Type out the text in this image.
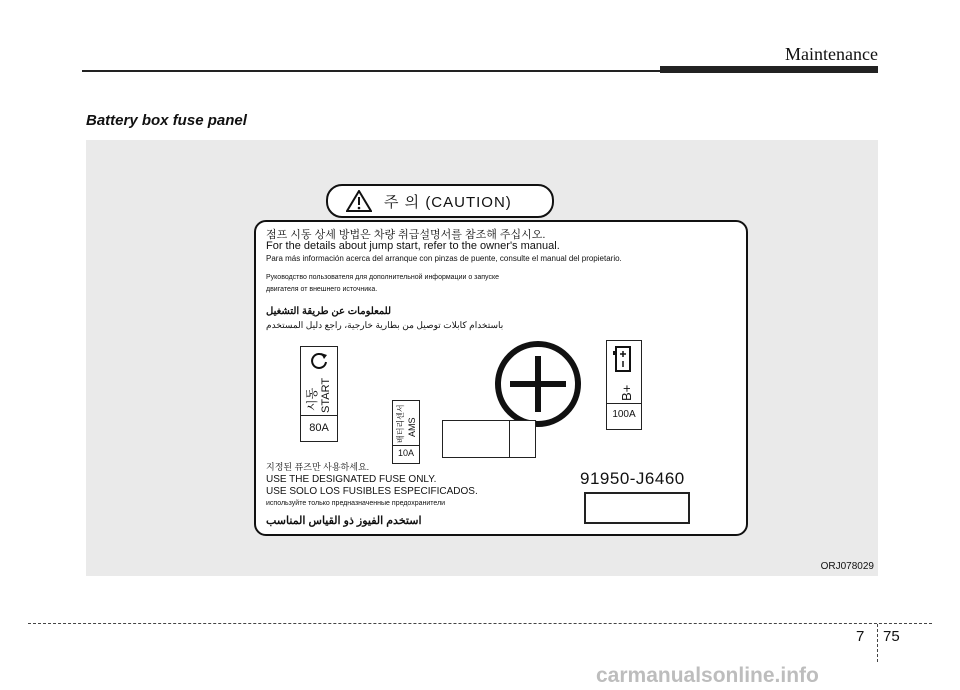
Maintenance
Battery box fuse panel
주 의 (CAUTION)
점프 시동 상세 방법은 차량 취급설명서를 참조해 주십시오.
For the details about jump start, refer to the owner's manual.
Para más información acerca del arranque con pinzas de puente, consulte el manual del propietario.
Руководство пользователя для дополнительной информации о запуске
двигателя от внешнего источника.
للمعلومات عن طريقة التشغيل
باستخدام كابلات توصيل من بطارية خارجية، راجع دليل المستخدم
시동 START
80A	배터리센서 AMS
10A
B+
100A
지정된 퓨즈만 사용하세요.
USE THE DESIGNATED FUSE ONLY.
USE SOLO LOS FUSIBLES ESPECIFICADOS.
используйте только предназначенные предохранители
استخدم الفيوز ذو القياس المناسب
91950-J6460
ORJ078029
7 75
carmanualsonline.info
